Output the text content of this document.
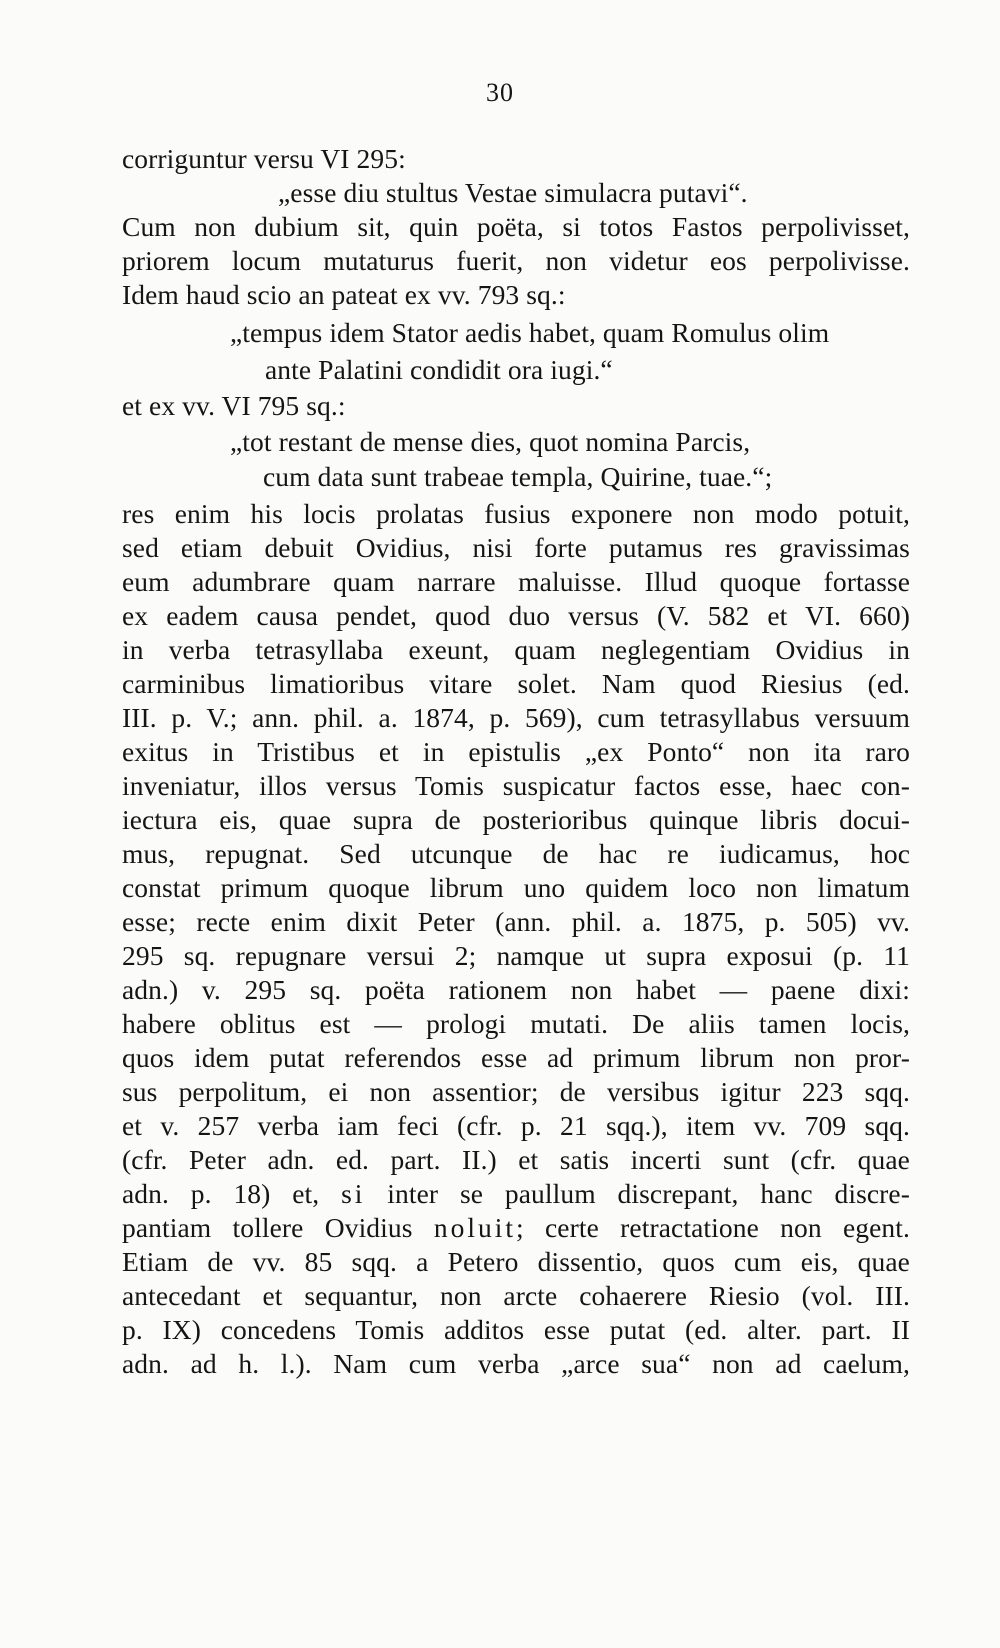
30
corriguntur versu VI 295:
„esse diu stultus Vestae simulacra putavi“.
Cum non dubium sit, quin poëta, si totos Fastos perpolivisset,
priorem locum mutaturus fuerit, non videtur eos perpolivisse.
Idem haud scio an pateat ex vv. 793 sq.:
„tempus idem Stator aedis habet, quam Romulus olim
ante Palatini condidit ora iugi.“
et ex vv. VI 795 sq.:
„tot restant de mense dies, quot nomina Parcis,
cum data sunt trabeae templa, Quirine, tuae.“;
res enim his locis prolatas fusius exponere non modo potuit,
sed etiam debuit Ovidius, nisi forte putamus res gravissimas
eum adumbrare quam narrare maluisse. Illud quoque fortasse
ex eadem causa pendet, quod duo versus (V. 582 et VI. 660)
in verba tetrasyllaba exeunt, quam neglegentiam Ovidius in
carminibus limatioribus vitare solet. Nam quod Riesius (ed.
III. p. V.; ann. phil. a. 1874, p. 569), cum tetrasyllabus versuum
exitus in Tristibus et in epistulis „ex Ponto“ non ita raro
inveniatur, illos versus Tomis suspicatur factos esse, haec con-
iectura eis, quae supra de posterioribus quinque libris docui-
mus, repugnat. Sed utcunque de hac re iudicamus, hoc
constat primum quoque librum uno quidem loco non limatum
esse; recte enim dixit Peter (ann. phil. a. 1875, p. 505) vv.
295 sq. repugnare versui 2; namque ut supra exposui (p. 11
adn.) v. 295 sq. poëta rationem non habet — paene dixi:
habere oblitus est — prologi mutati. De aliis tamen locis,
quos idem putat referendos esse ad primum librum non pror-
sus perpolitum, ei non assentior; de versibus igitur 223 sqq.
et v. 257 verba iam feci (cfr. p. 21 sqq.), item vv. 709 sqq.
(cfr. Peter adn. ed. part. II.) et satis incerti sunt (cfr. quae
adn. p. 18) et, si inter se paullum discrepant, hanc discre-
pantiam tollere Ovidius noluit; certe retractatione non egent.
Etiam de vv. 85 sqq. a Petero dissentio, quos cum eis, quae
antecedant et sequantur, non arcte cohaerere Riesio (vol. III.
p. IX) concedens Tomis additos esse putat (ed. alter. part. II
adn. ad h. l.). Nam cum verba „arce sua“ non ad caelum,
